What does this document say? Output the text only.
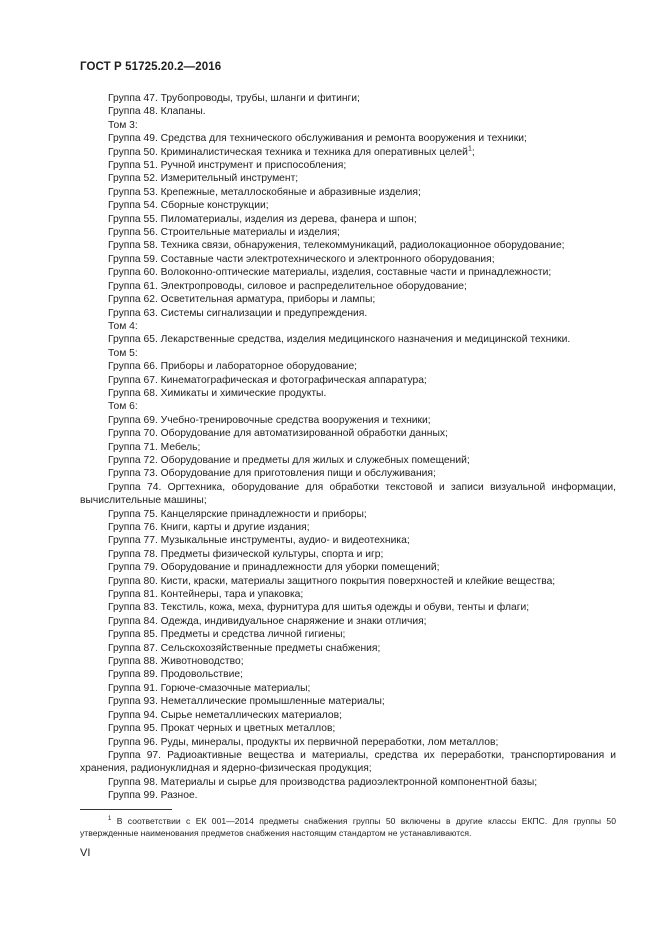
ГОСТ Р 51725.20.2—2016
Группа 47. Трубопроводы, трубы, шланги и фитинги;
Группа 48. Клапаны.
Том 3:
Группа 49. Средства для технического обслуживания и ремонта вооружения и техники;
Группа 50. Криминалистическая техника и техника для оперативных целей$^1$;
Группа 51. Ручной инструмент и приспособления;
Группа 52. Измерительный инструмент;
Группа 53. Крепежные, металлоскобяные и абразивные изделия;
Группа 54. Сборные конструкции;
Группа 55. Пиломатериалы, изделия из дерева, фанера и шпон;
Группа 56. Строительные материалы и изделия;
Группа 58. Техника связи, обнаружения, телекоммуникаций, радиолокационное оборудование;
Группа 59. Составные части электротехнического и электронного оборудования;
Группа 60. Волоконно-оптические материалы, изделия, составные части и принадлежности;
Группа 61. Электропроводы, силовое и распределительное оборудование;
Группа 62. Осветительная арматура, приборы и лампы;
Группа 63. Системы сигнализации и предупреждения.
Том 4:
Группа 65. Лекарственные средства, изделия медицинского назначения и медицинской техники.
Том 5:
Группа 66. Приборы и лабораторное оборудование;
Группа 67. Кинематографическая и фотографическая аппаратура;
Группа 68. Химикаты и химические продукты.
Том 6:
Группа 69. Учебно-тренировочные средства вооружения и техники;
Группа 70. Оборудование для автоматизированной обработки данных;
Группа 71. Мебель;
Группа 72. Оборудование и предметы для жилых и служебных помещений;
Группа 73. Оборудование для приготовления пищи и обслуживания;
Группа 74. Оргтехника, оборудование для обработки текстовой и записи визуальной информации, вычислительные машины;
Группа 75. Канцелярские принадлежности и приборы;
Группа 76. Книги, карты и другие издания;
Группа 77. Музыкальные инструменты, аудио- и видеотехника;
Группа 78. Предметы физической культуры, спорта и игр;
Группа 79. Оборудование и принадлежности для уборки помещений;
Группа 80. Кисти, краски, материалы защитного покрытия поверхностей и клейкие вещества;
Группа 81. Контейнеры, тара и упаковка;
Группа 83. Текстиль, кожа, меха, фурнитура для шитья одежды и обуви, тенты и флаги;
Группа 84. Одежда, индивидуальное снаряжение и знаки отличия;
Группа 85. Предметы и средства личной гигиены;
Группа 87. Сельскохозяйственные предметы снабжения;
Группа 88. Животноводство;
Группа 89. Продовольствие;
Группа 91. Горюче-смазочные материалы;
Группа 93. Неметаллические промышленные материалы;
Группа 94. Сырье неметаллических материалов;
Группа 95. Прокат черных и цветных металлов;
Группа 96. Руды, минералы, продукты их первичной переработки, лом металлов;
Группа 97. Радиоактивные вещества и материалы, средства их переработки, транспортирования и хранения, радионуклидная и ядерно-физическая продукция;
Группа 98. Материалы и сырье для производства радиоэлектронной компонентной базы;
Группа 99. Разное.
$^1$ В соответствии с ЕК 001—2014 предметы снабжения группы 50 включены в другие классы ЕКПС. Для группы 50 утвержденные наименования предметов снабжения настоящим стандартом не устанавливаются.
VI
